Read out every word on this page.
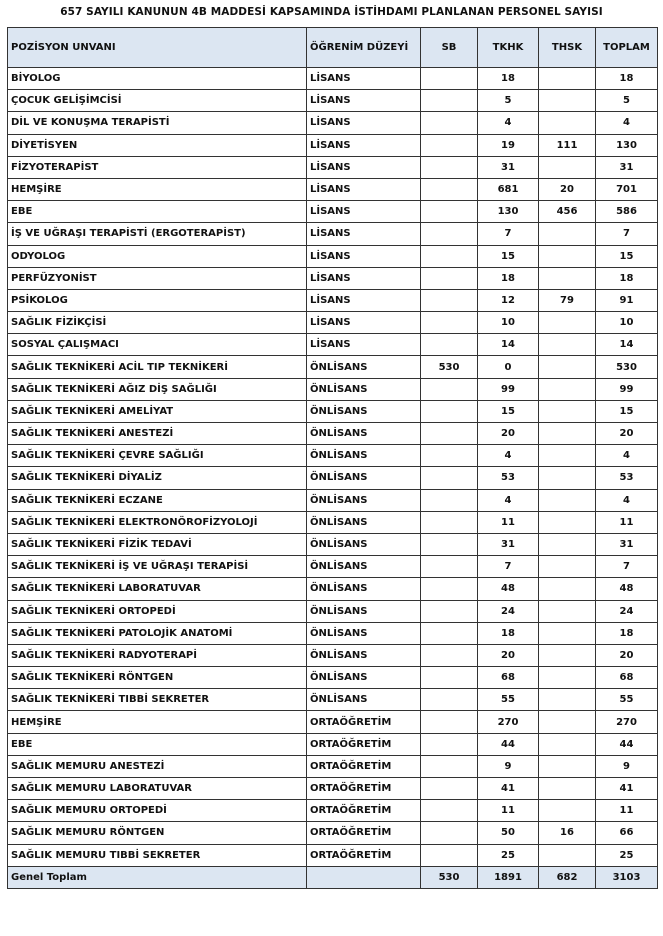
657 SAYILI KANUNUN 4B MADDESİ KAPSAMINDA İSTİHDAMI PLANLANAN PERSONEL SAYISI
POZİSYON UNVANI	ÖĞRENİM DÜZEYİ	SB	TKHK	THSK	TOPLAM
BİYOLOG	LİSANS		18		18
ÇOCUK GELİŞİMCİSİ	LİSANS		5		5
DİL VE KONUŞMA TERAPİSTİ	LİSANS		4		4
DİYETİSYEN	LİSANS		19	111	130
FİZYOTERAPİST	LİSANS		31		31
HEMŞİRE	LİSANS		681	20	701
EBE	LİSANS		130	456	586
İŞ VE UĞRAŞI TERAPİSTİ (ERGOTERAPİST)	LİSANS		7		7
ODYOLOG	LİSANS		15		15
PERFÜZYONİST	LİSANS		18		18
PSİKOLOG	LİSANS		12	79	91
SAĞLIK FİZİKÇİSİ	LİSANS		10		10
SOSYAL ÇALIŞMACI	LİSANS		14		14
SAĞLIK TEKNİKERİ ACİL TIP TEKNİKERİ	ÖNLİSANS	530	0		530
SAĞLIK TEKNİKERİ AĞIZ DİŞ SAĞLIĞI	ÖNLİSANS		99		99
SAĞLIK TEKNİKERİ AMELİYAT	ÖNLİSANS		15		15
SAĞLIK TEKNİKERİ ANESTEZİ	ÖNLİSANS		20		20
SAĞLIK TEKNİKERİ ÇEVRE SAĞLIĞI	ÖNLİSANS		4		4
SAĞLIK TEKNİKERİ DİYALİZ	ÖNLİSANS		53		53
SAĞLIK TEKNİKERİ ECZANE	ÖNLİSANS		4		4
SAĞLIK TEKNİKERİ ELEKTRONÖROFİZYOLOJİ	ÖNLİSANS		11		11
SAĞLIK TEKNİKERİ FİZİK TEDAVİ	ÖNLİSANS		31		31
SAĞLIK TEKNİKERİ İŞ VE UĞRAŞI TERAPİSİ	ÖNLİSANS		7		7
SAĞLIK TEKNİKERİ LABORATUVAR	ÖNLİSANS		48		48
SAĞLIK TEKNİKERİ ORTOPEDİ	ÖNLİSANS		24		24
SAĞLIK TEKNİKERİ PATOLOJİK ANATOMİ	ÖNLİSANS		18		18
SAĞLIK TEKNİKERİ RADYOTERAPİ	ÖNLİSANS		20		20
SAĞLIK TEKNİKERİ RÖNTGEN	ÖNLİSANS		68		68
SAĞLIK TEKNİKERİ TIBBİ SEKRETER	ÖNLİSANS		55		55
HEMŞİRE	ORTAÖĞRETİM		270		270
EBE	ORTAÖĞRETİM		44		44
SAĞLIK MEMURU ANESTEZİ	ORTAÖĞRETİM		9		9
SAĞLIK MEMURU LABORATUVAR	ORTAÖĞRETİM		41		41
SAĞLIK MEMURU ORTOPEDİ	ORTAÖĞRETİM		11		11
SAĞLIK MEMURU RÖNTGEN	ORTAÖĞRETİM		50	16	66
SAĞLIK MEMURU TIBBİ SEKRETER	ORTAÖĞRETİM		25		25
Genel Toplam		530	1891	682	3103
